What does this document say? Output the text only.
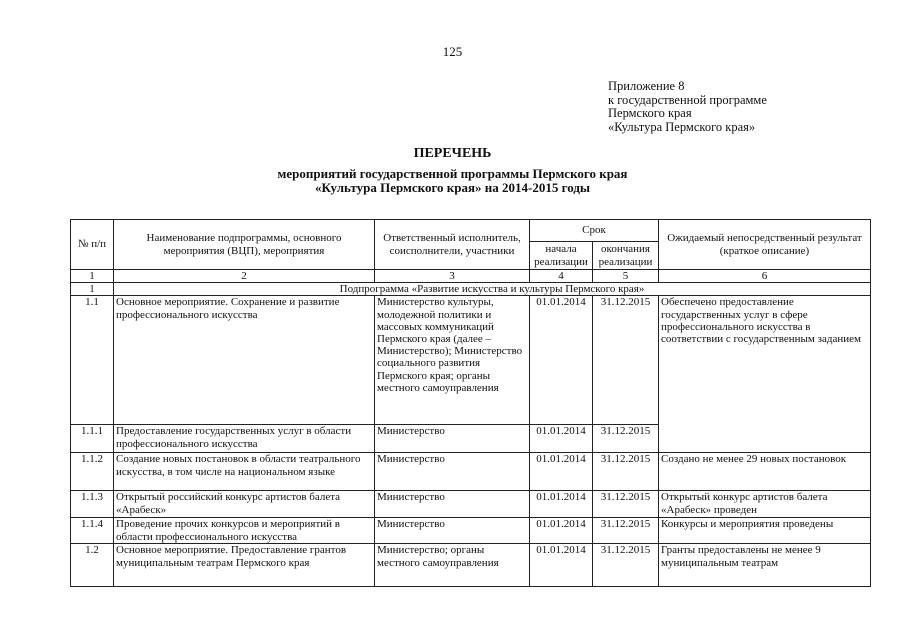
125
Приложение 8
к государственной программе
Пермского края
«Культура Пермского края»
ПЕРЕЧЕНЬ
мероприятий государственной программы Пермского края
«Культура Пермского края» на 2014-2015 годы
№ п/п	Наименование подпрограммы, основного мероприятия (ВЦП), мероприятия	Ответственный исполнитель, соисполнители, участники	Срок		Ожидаемый непосредственный результат (краткое описание)
			начала реализации	окончания реализации	
1	2	3	4	5	6
1	Подпрограмма «Развитие искусства и культуры Пермского края»				
1.1	Основное мероприятие. Сохранение и развитие профессионального искусства	Министерство культуры, молодежной политики и массовых коммуникаций Пермского края (далее – Министерство); Министерство социального развития Пермского края; органы местного самоуправления	01.01.2014	31.12.2015	Обеспечено предоставление государственных услуг в сфере профессионального искусства в соответствии с государственным заданием
1.1.1	Предоставление государственных услуг в области профессионального искусства	Министерство	01.01.2014	31.12.2015	
1.1.2	Создание новых постановок в области театрального искусства, в том числе на национальном языке	Министерство	01.01.2014	31.12.2015	Создано не менее 29 новых постановок
1.1.3	Открытый российский конкурс артистов балета «Арабеск»	Министерство	01.01.2014	31.12.2015	Открытый конкурс артистов балета «Арабеск» проведен
1.1.4	Проведение прочих конкурсов и мероприятий в области профессионального искусства	Министерство	01.01.2014	31.12.2015	Конкурсы и мероприятия проведены
1.2	Основное мероприятие. Предоставление грантов муниципальным театрам Пермского края	Министерство; органы местного самоуправления	01.01.2014	31.12.2015	Гранты предоставлены не менее 9 муниципальным театрам
